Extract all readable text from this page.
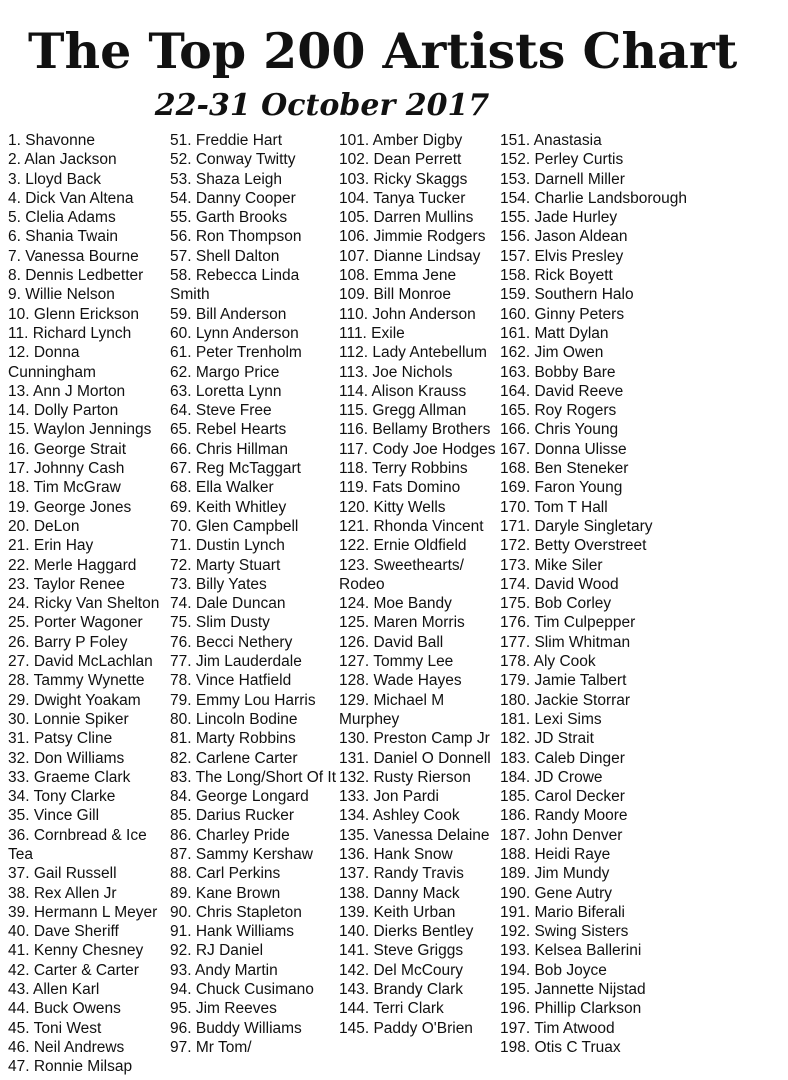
The Top 200 Artists Chart
22-31 October 2017
1. Shavonne
2. Alan Jackson
3. Lloyd Back
4. Dick Van Altena
5. Clelia Adams
6. Shania Twain
7. Vanessa Bourne
8. Dennis Ledbetter
9. Willie Nelson
10. Glenn Erickson
11. Richard Lynch
12. Donna Cunningham
13. Ann J Morton
14. Dolly Parton
15. Waylon Jennings
16. George Strait
17. Johnny Cash
18. Tim McGraw
19. George Jones
20. DeLon
21. Erin Hay
22. Merle Haggard
23. Taylor Renee
24. Ricky Van Shelton
25. Porter Wagoner
26. Barry P Foley
27. David McLachlan
28. Tammy Wynette
29. Dwight Yoakam
30. Lonnie Spiker
31. Patsy Cline
32. Don Williams
33. Graeme Clark
34. Tony Clarke
35. Vince Gill
36. Cornbread & Ice Tea
37. Gail Russell
38. Rex Allen Jr
39. Hermann L Meyer
40. Dave Sheriff
41. Kenny Chesney
42. Carter & Carter
43. Allen Karl
44. Buck Owens
45. Toni West
46. Neil Andrews
47. Ronnie Milsap
51. Freddie Hart
52. Conway Twitty
53. Shaza Leigh
54. Danny Cooper
55. Garth Brooks
56. Ron Thompson
57. Shell Dalton
58. Rebecca Linda Smith
59. Bill Anderson
60. Lynn Anderson
61. Peter Trenholm
62. Margo Price
63. Loretta Lynn
64. Steve Free
65. Rebel Hearts
66. Chris Hillman
67. Reg McTaggart
68. Ella Walker
69. Keith Whitley
70. Glen Campbell
71. Dustin Lynch
72. Marty Stuart
73. Billy Yates
74. Dale Duncan
75. Slim Dusty
76. Becci Nethery
77. Jim Lauderdale
78. Vince Hatfield
79. Emmy Lou Harris
80. Lincoln Bodine
81. Marty Robbins
82. Carlene Carter
83. The Long/Short Of It
84. George Longard
85. Darius Rucker
86. Charley Pride
87. Sammy Kershaw
88. Carl Perkins
89. Kane Brown
90. Chris Stapleton
91. Hank Williams
92. RJ Daniel
93. Andy Martin
94. Chuck Cusimano
95. Jim Reeves
96. Buddy Williams
97. Mr Tom/
101. Amber Digby
102. Dean Perrett
103. Ricky Skaggs
104. Tanya Tucker
105. Darren Mullins
106. Jimmie Rodgers
107. Dianne Lindsay
108. Emma Jene
109. Bill Monroe
110. John Anderson
111. Exile
112. Lady Antebellum
113. Joe Nichols
114. Alison Krauss
115. Gregg Allman
116. Bellamy Brothers
117. Cody Joe Hodges
118. Terry Robbins
119. Fats Domino
120. Kitty Wells
121. Rhonda Vincent
122. Ernie Oldfield
123. Sweethearts/ Rodeo
124. Moe Bandy
125. Maren Morris
126. David Ball
127. Tommy Lee
128. Wade Hayes
129. Michael M Murphey
130. Preston Camp Jr
131. Daniel O Donnell
132. Rusty Rierson
133. Jon Pardi
134. Ashley Cook
135. Vanessa Delaine
136. Hank Snow
137. Randy Travis
138. Danny Mack
139. Keith Urban
140. Dierks Bentley
141. Steve Griggs
142. Del McCoury
143. Brandy Clark
144. Terri Clark
145. Paddy O'Brien
151. Anastasia
152. Perley Curtis
153. Darnell Miller
154. Charlie Landsborough
155. Jade Hurley
156. Jason Aldean
157. Elvis Presley
158. Rick Boyett
159. Southern Halo
160. Ginny Peters
161. Matt Dylan
162. Jim Owen
163. Bobby Bare
164. David Reeve
165. Roy Rogers
166. Chris Young
167. Donna Ulisse
168. Ben Steneker
169. Faron Young
170. Tom T Hall
171. Daryle Singletary
172. Betty Overstreet
173. Mike Siler
174. David Wood
175. Bob Corley
176. Tim Culpepper
177. Slim Whitman
178. Aly Cook
179. Jamie Talbert
180. Jackie Storrar
181. Lexi Sims
182. JD Strait
183. Caleb Dinger
184. JD Crowe
185. Carol Decker
186. Randy Moore
187. John Denver
188. Heidi Raye
189. Jim Mundy
190. Gene Autry
191. Mario Biferali
192. Swing Sisters
193. Kelsea Ballerini
194. Bob Joyce
195. Jannette Nijstad
196. Phillip Clarkson
197. Tim Atwood
198. Otis C Truax
